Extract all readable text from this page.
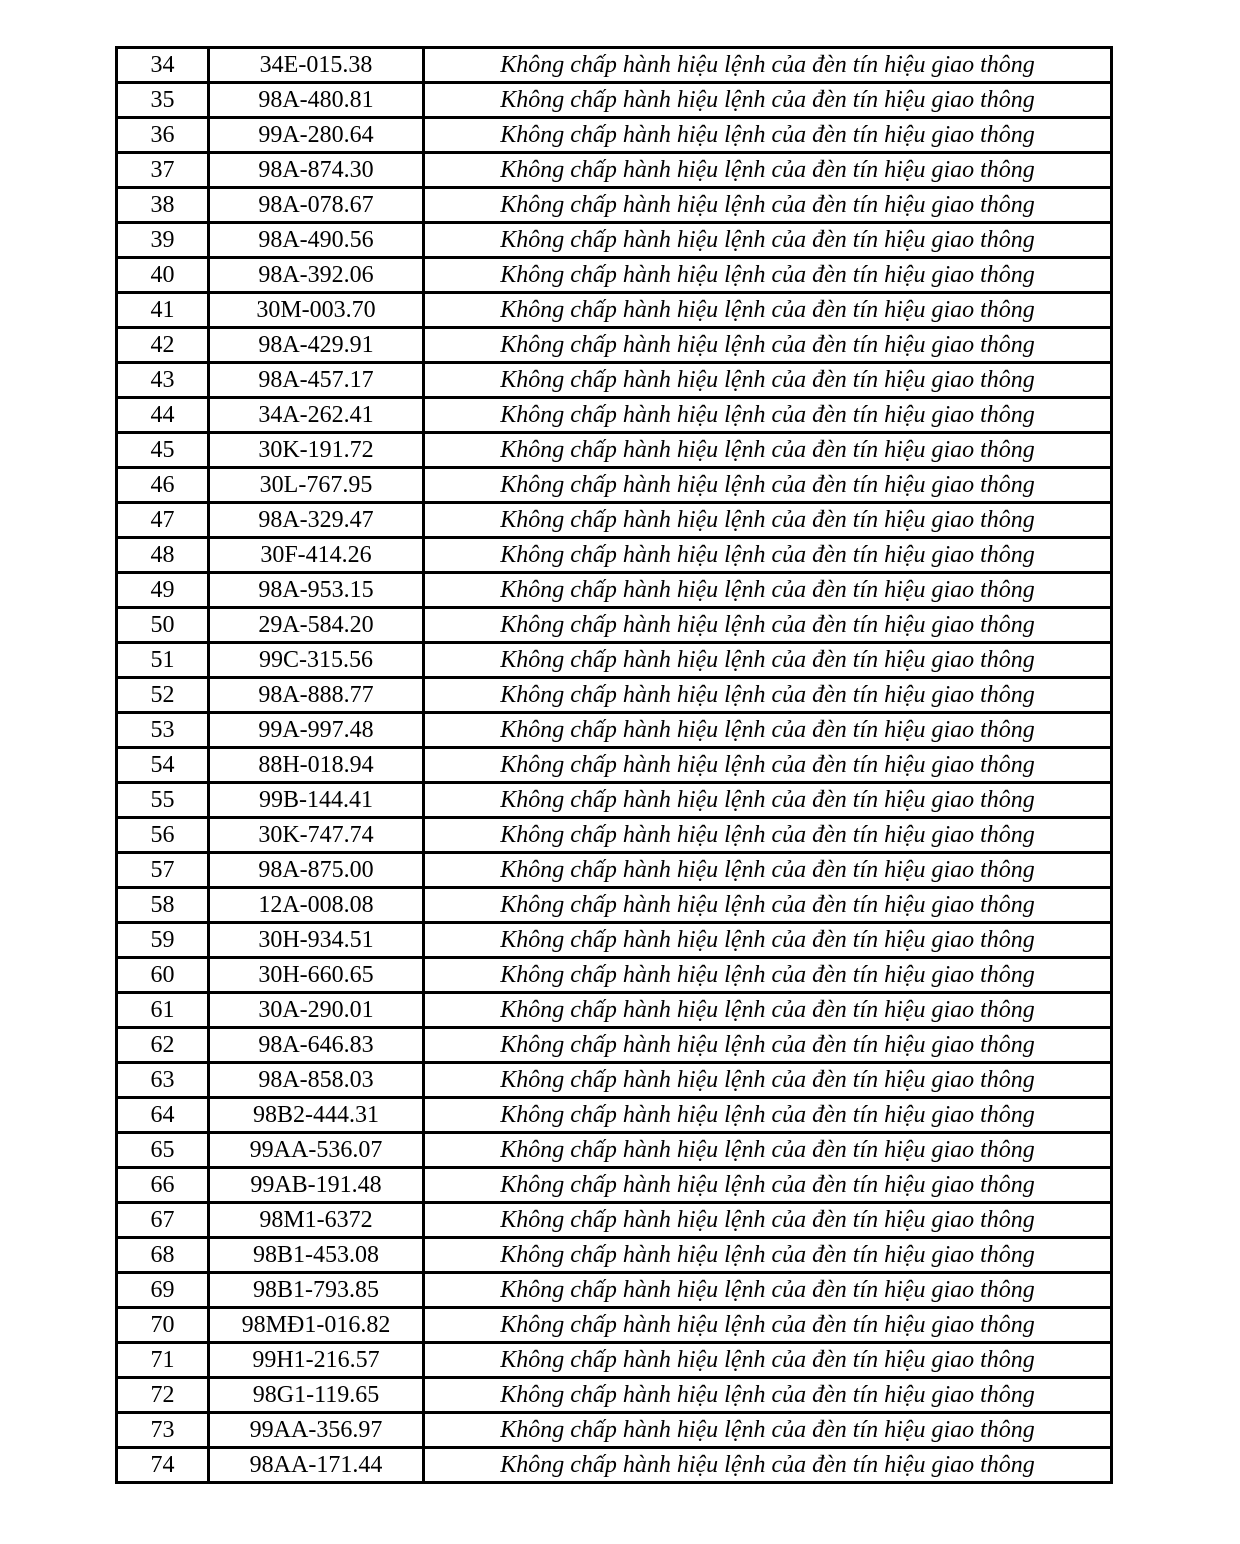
34	34E-015.38	Không chấp hành hiệu lệnh của đèn tín hiệu giao thông
35	98A-480.81	Không chấp hành hiệu lệnh của đèn tín hiệu giao thông
36	99A-280.64	Không chấp hành hiệu lệnh của đèn tín hiệu giao thông
37	98A-874.30	Không chấp hành hiệu lệnh của đèn tín hiệu giao thông
38	98A-078.67	Không chấp hành hiệu lệnh của đèn tín hiệu giao thông
39	98A-490.56	Không chấp hành hiệu lệnh của đèn tín hiệu giao thông
40	98A-392.06	Không chấp hành hiệu lệnh của đèn tín hiệu giao thông
41	30M-003.70	Không chấp hành hiệu lệnh của đèn tín hiệu giao thông
42	98A-429.91	Không chấp hành hiệu lệnh của đèn tín hiệu giao thông
43	98A-457.17	Không chấp hành hiệu lệnh của đèn tín hiệu giao thông
44	34A-262.41	Không chấp hành hiệu lệnh của đèn tín hiệu giao thông
45	30K-191.72	Không chấp hành hiệu lệnh của đèn tín hiệu giao thông
46	30L-767.95	Không chấp hành hiệu lệnh của đèn tín hiệu giao thông
47	98A-329.47	Không chấp hành hiệu lệnh của đèn tín hiệu giao thông
48	30F-414.26	Không chấp hành hiệu lệnh của đèn tín hiệu giao thông
49	98A-953.15	Không chấp hành hiệu lệnh của đèn tín hiệu giao thông
50	29A-584.20	Không chấp hành hiệu lệnh của đèn tín hiệu giao thông
51	99C-315.56	Không chấp hành hiệu lệnh của đèn tín hiệu giao thông
52	98A-888.77	Không chấp hành hiệu lệnh của đèn tín hiệu giao thông
53	99A-997.48	Không chấp hành hiệu lệnh của đèn tín hiệu giao thông
54	88H-018.94	Không chấp hành hiệu lệnh của đèn tín hiệu giao thông
55	99B-144.41	Không chấp hành hiệu lệnh của đèn tín hiệu giao thông
56	30K-747.74	Không chấp hành hiệu lệnh của đèn tín hiệu giao thông
57	98A-875.00	Không chấp hành hiệu lệnh của đèn tín hiệu giao thông
58	12A-008.08	Không chấp hành hiệu lệnh của đèn tín hiệu giao thông
59	30H-934.51	Không chấp hành hiệu lệnh của đèn tín hiệu giao thông
60	30H-660.65	Không chấp hành hiệu lệnh của đèn tín hiệu giao thông
61	30A-290.01	Không chấp hành hiệu lệnh của đèn tín hiệu giao thông
62	98A-646.83	Không chấp hành hiệu lệnh của đèn tín hiệu giao thông
63	98A-858.03	Không chấp hành hiệu lệnh của đèn tín hiệu giao thông
64	98B2-444.31	Không chấp hành hiệu lệnh của đèn tín hiệu giao thông
65	99AA-536.07	Không chấp hành hiệu lệnh của đèn tín hiệu giao thông
66	99AB-191.48	Không chấp hành hiệu lệnh của đèn tín hiệu giao thông
67	98M1-6372	Không chấp hành hiệu lệnh của đèn tín hiệu giao thông
68	98B1-453.08	Không chấp hành hiệu lệnh của đèn tín hiệu giao thông
69	98B1-793.85	Không chấp hành hiệu lệnh của đèn tín hiệu giao thông
70	98MĐ1-016.82	Không chấp hành hiệu lệnh của đèn tín hiệu giao thông
71	99H1-216.57	Không chấp hành hiệu lệnh của đèn tín hiệu giao thông
72	98G1-119.65	Không chấp hành hiệu lệnh của đèn tín hiệu giao thông
73	99AA-356.97	Không chấp hành hiệu lệnh của đèn tín hiệu giao thông
74	98AA-171.44	Không chấp hành hiệu lệnh của đèn tín hiệu giao thông
